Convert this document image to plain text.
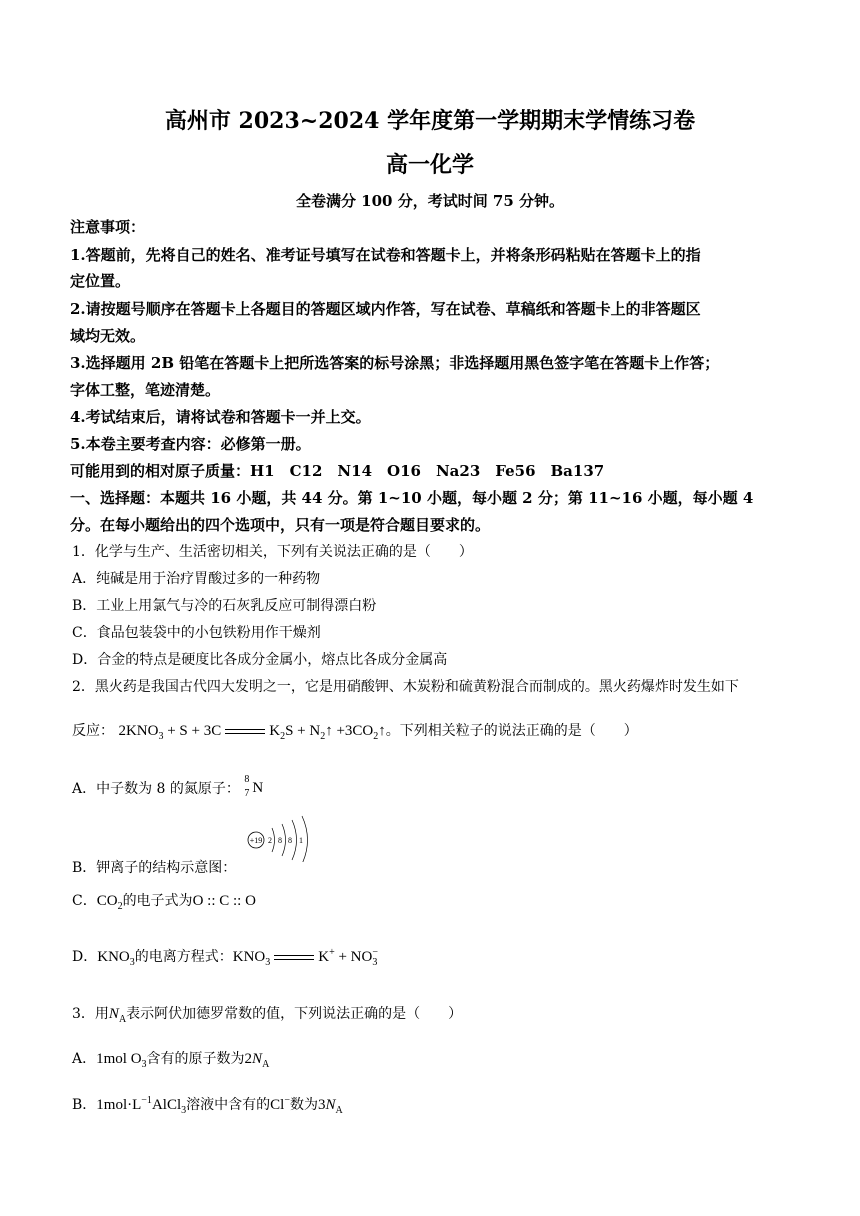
高州市 2023~2024 学年度第一学期期末学情练习卷
高一化学
全卷满分 100 分，考试时间 75 分钟。
注意事项：
1.答题前，先将自己的姓名、准考证号填写在试卷和答题卡上，并将条形码粘贴在答题卡上的指
定位置。
2.请按题号顺序在答题卡上各题目的答题区域内作答，写在试卷、草稿纸和答题卡上的非答题区
域均无效。
3.选择题用 2B 铅笔在答题卡上把所选答案的标号涂黑；非选择题用黑色签字笔在答题卡上作答；
字体工整，笔迹清楚。
4.考试结束后，请将试卷和答题卡一并上交。
5.本卷主要考查内容：必修第一册。
可能用到的相对原子质量：H1　C12　N14　O16　Na23　Fe56　Ba137
一、选择题：本题共 16 小题，共 44 分。第 1~10 小题，每小题 2 分；第 11~16 小题，每小题 4
分。在每小题给出的四个选项中，只有一项是符合题目要求的。
1．化学与生产、生活密切相关，下列有关说法正确的是（　　）
A．纯碱是用于治疗胃酸过多的一种药物
B．工业上用氯气与冷的石灰乳反应可制得漂白粉
C．食品包装袋中的小包铁粉用作干燥剂
D．合金的特点是硬度比各成分金属小，熔点比各成分金属高
2．黑火药是我国古代四大发明之一，它是用硝酸钾、木炭粉和硫黄粉混合而制成的。黑火药爆炸时发生如下
反应： $2KNO_3 + S + 3C$	$K_2S$ + $N_2↑$ $+3CO_2↑$。下列相关粒子的说法正确的是（　　）
A．中子数为 8 的氮原子：
8
7 N
+19 2 8 8 1
B．钾离子的结构示意图：
C．$CO_2$的电子式为O :: C :: O
D．$KNO_3$的电离方程式：$KNO_3$	$K^+ + NO_3^-$
3．用$N_A$表示阿伏加德罗常数的值，下列说法正确的是（　　）
A．1mol $O_3$含有的原子数为$2N_A$
B．$1mol\cdot L^{-1}AlCl_3$溶液中含有的Cl−数为$3N_A$
